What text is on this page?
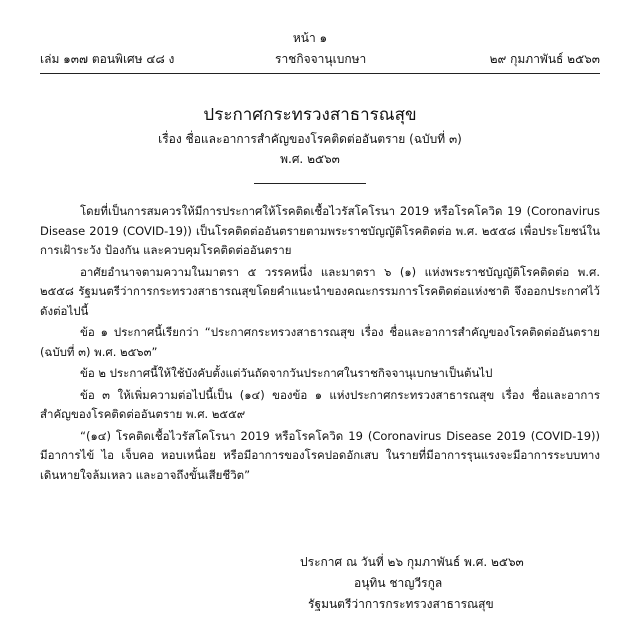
หน้า ๑
เล่ม ๑๓๗ ตอนพิเศษ ๔๘ ง	ราชกิจจานุเบกษา	๒๙ กุมภาพันธ์ ๒๕๖๓
ประกาศกระทรวงสาธารณสุข
เรื่อง ชื่อและอาการสำคัญของโรคติดต่ออันตราย (ฉบับที่ ๓)
พ.ศ. ๒๕๖๓

โดยที่เป็นการสมควรให้มีการประกาศให้โรคติดเชื้อไวรัสโคโรนา 2019 หรือโรคโควิด 19 (Coronavirus Disease 2019 (COVID-19)) เป็นโรคติดต่ออันตรายตามพระราชบัญญัติโรคติดต่อ พ.ศ. ๒๕๕๘ เพื่อประโยชน์ในการเฝ้าระวัง ป้องกัน และควบคุมโรคติดต่ออันตราย

อาศัยอำนาจตามความในมาตรา ๕ วรรคหนึ่ง และมาตรา ๖ (๑) แห่งพระราชบัญญัติโรคติดต่อ พ.ศ. ๒๕๕๘ รัฐมนตรีว่าการกระทรวงสาธารณสุขโดยคำแนะนำของคณะกรรมการโรคติดต่อแห่งชาติ จึงออกประกาศไว้ ดังต่อไปนี้

ข้อ ๑ ประกาศนี้เรียกว่า “ประกาศกระทรวงสาธารณสุข เรื่อง ชื่อและอาการสำคัญของโรคติดต่ออันตราย (ฉบับที่ ๓) พ.ศ. ๒๕๖๓”

ข้อ ๒ ประกาศนี้ให้ใช้บังคับตั้งแต่วันถัดจากวันประกาศในราชกิจจานุเบกษาเป็นต้นไป

ข้อ ๓ ให้เพิ่มความต่อไปนี้เป็น (๑๔) ของข้อ ๑ แห่งประกาศกระทรวงสาธารณสุข เรื่อง ชื่อและอาการสำคัญของโรคติดต่ออันตราย พ.ศ. ๒๕๕๙

“(๑๔) โรคติดเชื้อไวรัสโคโรนา 2019 หรือโรคโควิด 19 (Coronavirus Disease 2019 (COVID-19)) มีอาการไข้ ไอ เจ็บคอ หอบเหนื่อย หรือมีอาการของโรคปอดอักเสบ ในรายที่มีอาการรุนแรงจะมีอาการระบบทางเดินหายใจล้มเหลว และอาจถึงขั้นเสียชีวิต”

ประกาศ ณ วันที่ ๒๖ กุมภาพันธ์ พ.ศ. ๒๕๖๓
อนุทิน ชาญวีรกูล
รัฐมนตรีว่าการกระทรวงสาธารณสุข
